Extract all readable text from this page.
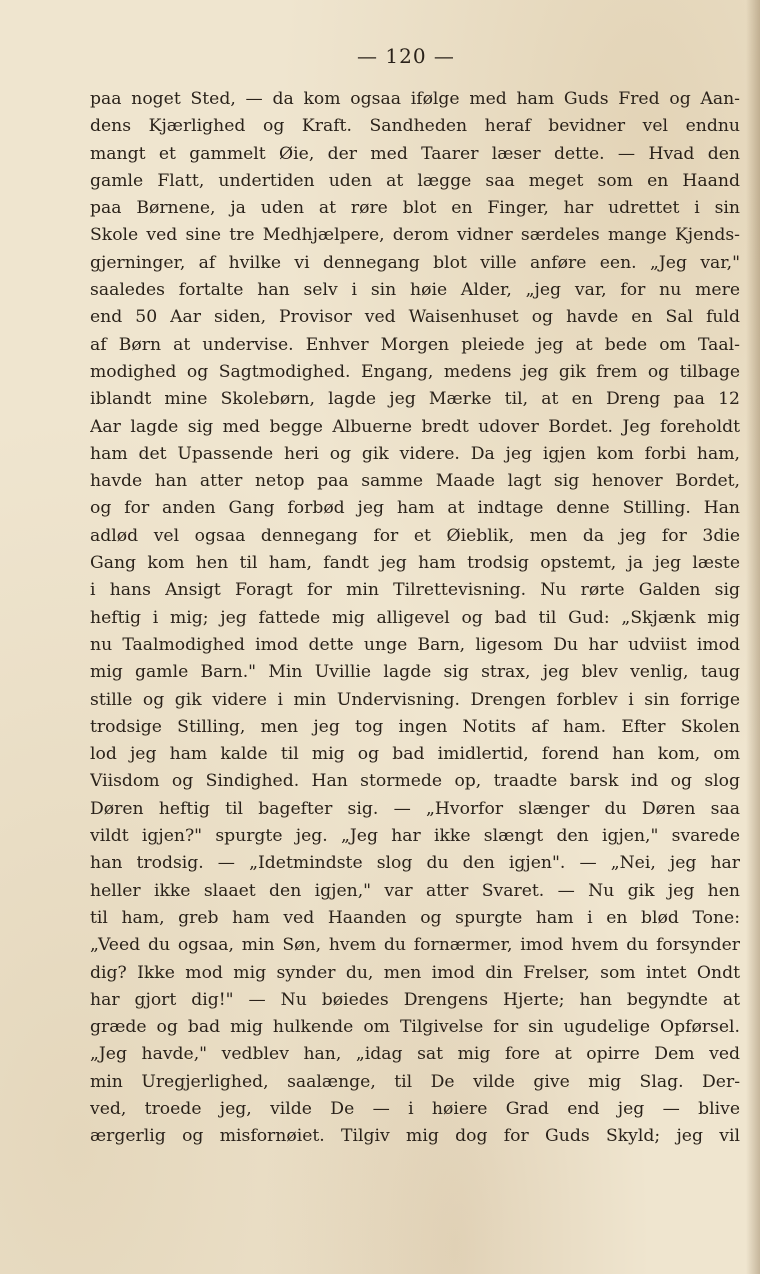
— 120 —
paa noget Sted, — da kom ogsaa ifølge med ham Guds Fred og Aan-
dens Kjærlighed og Kraft. Sandheden heraf bevidner vel endnu
mangt et gammelt Øie, der med Taarer læser dette. — Hvad den
gamle Flatt, undertiden uden at lægge saa meget som en Haand
paa Børnene, ja uden at røre blot en Finger, har udrettet i sin
Skole ved sine tre Medhjælpere, derom vidner særdeles mange Kjends-
gjerninger, af hvilke vi dennegang blot ville anføre een. „Jeg var,"
saaledes fortalte han selv i sin høie Alder, „jeg var, for nu mere
end 50 Aar siden, Provisor ved Waisenhuset og havde en Sal fuld
af Børn at undervise. Enhver Morgen pleiede jeg at bede om Taal-
modighed og Sagtmodighed. Engang, medens jeg gik frem og tilbage
iblandt mine Skolebørn, lagde jeg Mærke til, at en Dreng paa 12
Aar lagde sig med begge Albuerne bredt udover Bordet. Jeg foreholdt
ham det Upassende heri og gik videre. Da jeg igjen kom forbi ham,
havde han atter netop paa samme Maade lagt sig henover Bordet,
og for anden Gang forbød jeg ham at indtage denne Stilling. Han
adlød vel ogsaa dennegang for et Øieblik, men da jeg for 3die
Gang kom hen til ham, fandt jeg ham trodsig opstemt, ja jeg læste
i hans Ansigt Foragt for min Tilrettevisning. Nu rørte Galden sig
heftig i mig; jeg fattede mig alligevel og bad til Gud: „Skjænk mig
nu Taalmodighed imod dette unge Barn, ligesom Du har udviist imod
mig gamle Barn." Min Uvillie lagde sig strax, jeg blev venlig, taug
stille og gik videre i min Undervisning. Drengen forblev i sin forrige
trodsige Stilling, men jeg tog ingen Notits af ham. Efter Skolen
lod jeg ham kalde til mig og bad imidlertid, forend han kom, om
Viisdom og Sindighed. Han stormede op, traadte barsk ind og slog
Døren heftig til bagefter sig. — „Hvorfor slænger du Døren saa
vildt igjen?" spurgte jeg. „Jeg har ikke slængt den igjen," svarede
han trodsig. — „Idetmindste slog du den igjen". — „Nei, jeg har
heller ikke slaaet den igjen," var atter Svaret. — Nu gik jeg hen
til ham, greb ham ved Haanden og spurgte ham i en blød Tone:
„Veed du ogsaa, min Søn, hvem du fornærmer, imod hvem du forsynder
dig? Ikke mod mig synder du, men imod din Frelser, som intet Ondt
har gjort dig!" — Nu bøiedes Drengens Hjerte; han begyndte at
græde og bad mig hulkende om Tilgivelse for sin ugudelige Opførsel.
„Jeg havde," vedblev han, „idag sat mig fore at opirre Dem ved
min Uregjerlighed, saalænge, til De vilde give mig Slag. Der-
ved, troede jeg, vilde De — i høiere Grad end jeg — blive
ærgerlig og misfornøiet. Tilgiv mig dog for Guds Skyld; jeg vil
